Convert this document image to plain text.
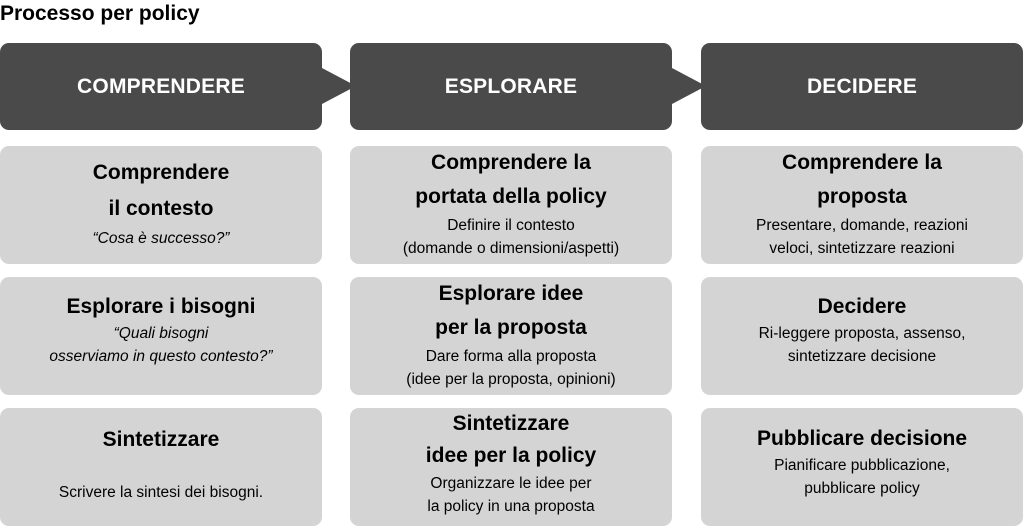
Processo per policy
COMPRENDERE	ESPLORARE	DECIDERE
Comprendere
il contesto
“Cosa è successo?”
Esplorare i bisogni
“Quali bisogni
osserviamo in questo contesto?”
Sintetizzare
Scrivere la sintesi dei bisogni.
Comprendere la
portata della policy
Definire il contesto
(domande o dimensioni/aspetti)
Esplorare idee
per la proposta
Dare forma alla proposta
(idee per la proposta, opinioni)
Sintetizzare
idee per la policy
Organizzare le idee per
la policy in una proposta
Comprendere la
proposta
Presentare, domande, reazioni
veloci, sintetizzare reazioni
Decidere
Ri-leggere proposta, assenso,
sintetizzare decisione
Pubblicare decisione
Pianificare pubblicazione,
pubblicare policy
